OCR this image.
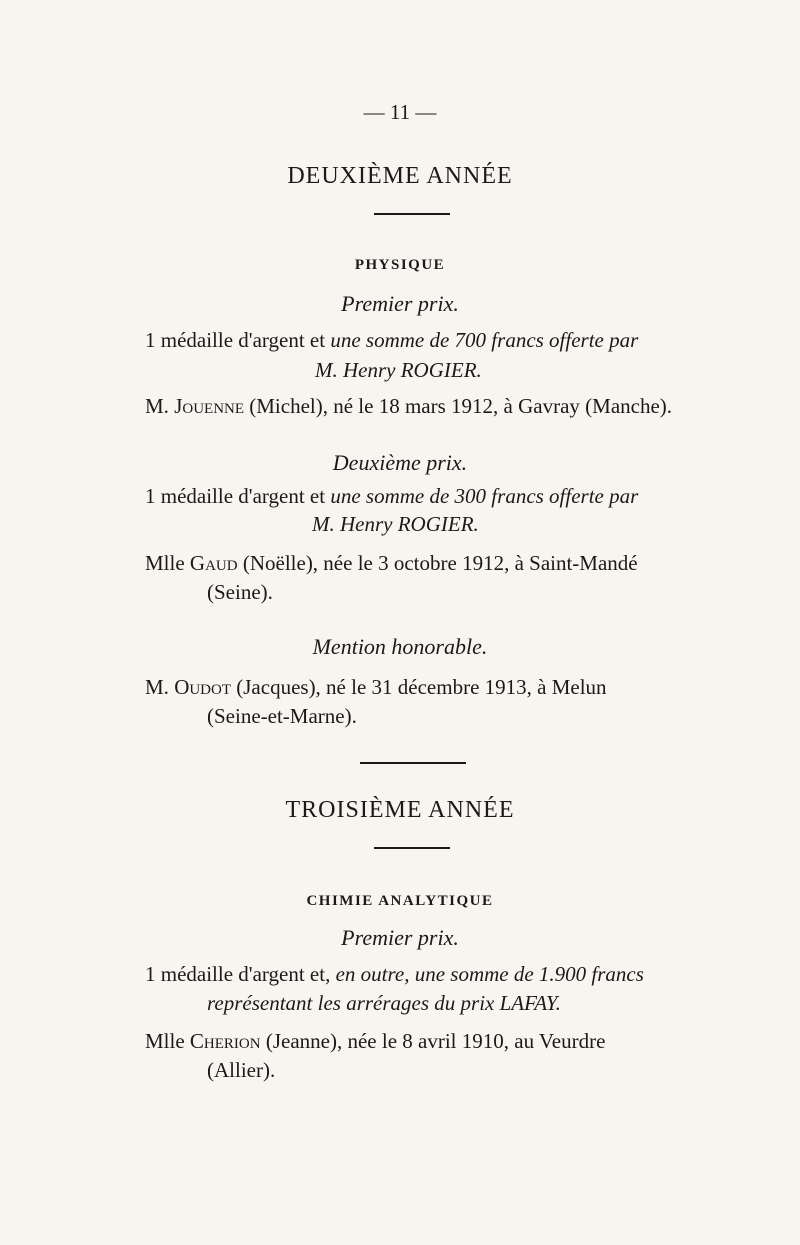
— 11 —
DEUXIÈME ANNÉE
PHYSIQUE
Premier prix.
1 médaille d'argent et une somme de 700 francs offerte par
M. Henry ROGIER.
M. Jouenne (Michel), né le 18 mars 1912, à Gavray (Manche).
Deuxième prix.
1 médaille d'argent et une somme de 300 francs offerte par
M. Henry ROGIER.
Mlle Gaud (Noëlle), née le 3 octobre 1912, à Saint-Mandé
(Seine).
Mention honorable.
M. Oudot (Jacques), né le 31 décembre 1913, à Melun
(Seine-et-Marne).
TROISIÈME ANNÉE
CHIMIE ANALYTIQUE
Premier prix.
1 médaille d'argent et, en outre, une somme de 1.900 francs
représentant les arrérages du prix LAFAY.
Mlle Cherion (Jeanne), née le 8 avril 1910, au Veurdre
(Allier).
